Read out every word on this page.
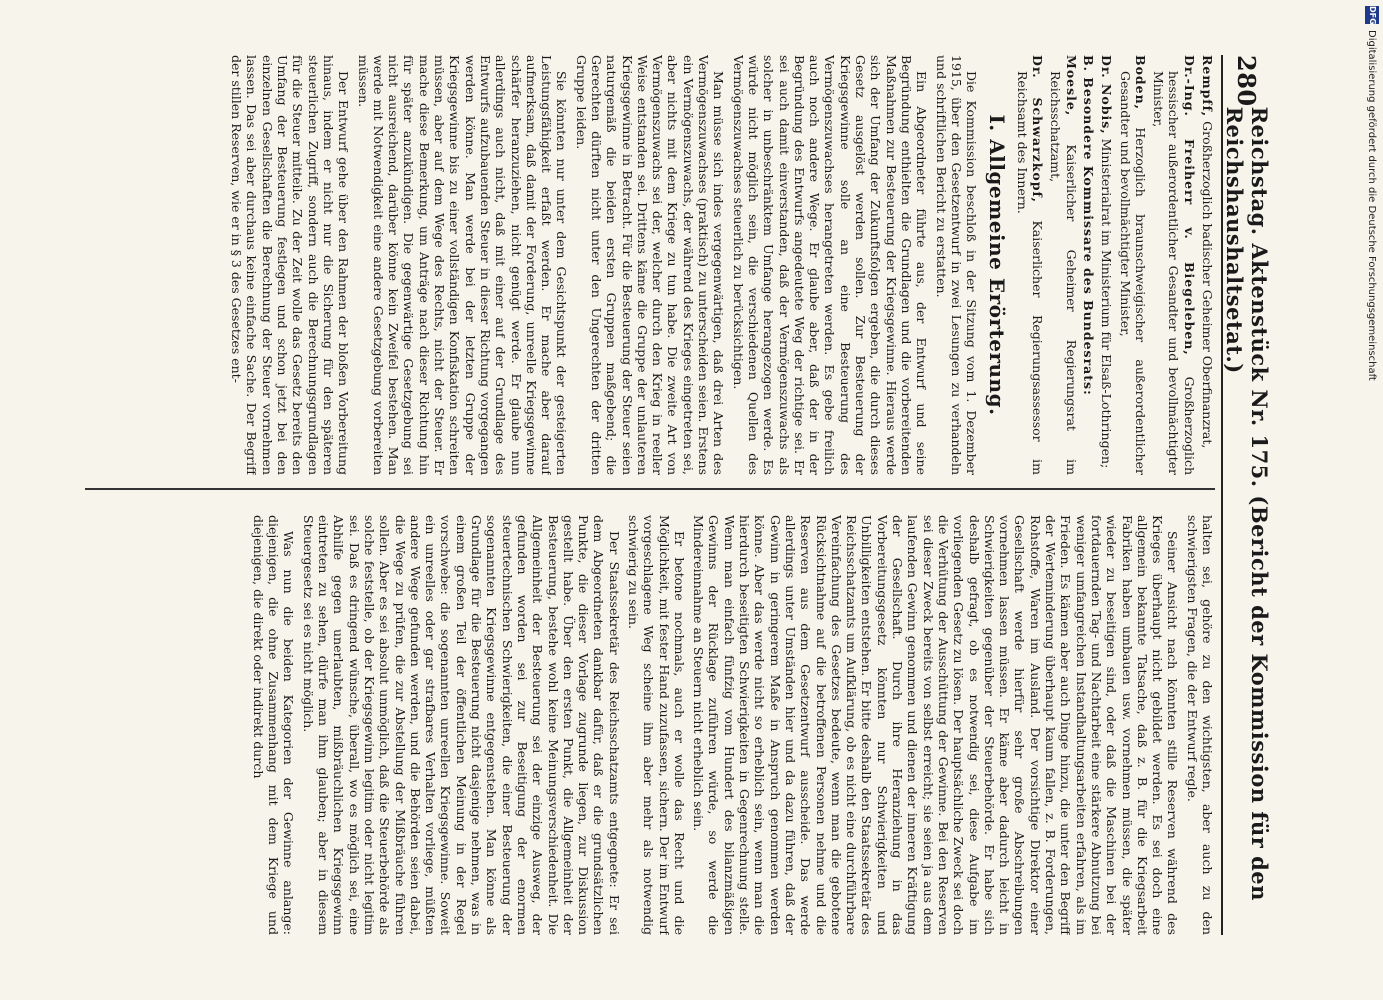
DFG
Digitalisierung gefördert durch die Deutsche Forschungsgemeinschaft
280
Reichstag. Aktenstück Nr. 175. (Bericht der Kommission für den Reichshaushaltsetat.)
Rempff, Großherzoglich badischer Geheimer Oberfinanzrat,
Dr.-Ing. Freiherr v. Biegeleben, Großherzoglich hessischer außerordentlicher Gesandter und bevollmächtigter Minister,
Boden, Herzoglich braunschweigischer außerordentlicher Gesandter und bevollmächtigter Minister,
Dr. Nobis, Ministerialrat im Ministerium für Elsaß-Lothringen;
B. Besondere Kommissare des Bundesrats:
Moesle, Kaiserlicher Geheimer Regierungsrat im Reichsschatzamt,
Dr. Schwarzkopf, Kaiserlicher Regierungsassessor im Reichsamt des Innern.
I. Allgemeine Erörterung.

Die Kommission beschloß in der Sitzung vom 1. Dezember 1915, über den Gesetzentwurf in zwei Lesungen zu verhandeln und schriftlichen Bericht zu erstatten.

Ein Abgeordneter führte aus, der Entwurf und seine Begründung enthielten die Grundlagen und die vorbereitenden Maßnahmen zur Besteuerung der Kriegsgewinne. Hieraus werde sich der Umfang der Zukunftsfolgen ergeben, die durch dieses Gesetz ausgelöst werden sollen. Zur Besteuerung der Kriegsgewinne solle an eine Besteuerung des Vermögenszuwachses herangetreten werden. Es gebe freilich auch noch andere Wege. Er glaube aber, daß der in der Begründung des Entwurfs angedeutete Weg der richtige sei. Er sei auch damit einverstanden, daß der Vermögenszuwachs als solcher in unbeschränktem Umfange herangezogen werde. Es würde nicht möglich sein, die verschiedenen Quellen des Vermögenszuwachses steuerlich zu berücksichtigen.

Man müsse sich indes vergegenwärtigen, daß drei Arten des Vermögenszuwachses (praktisch) zu unterscheiden seien. Erstens ein Vermögenszuwachs, der während des Krieges eingetreten sei, aber nichts mit dem Kriege zu tun habe. Die zweite Art von Vermögenszuwachs sei der, welcher durch den Krieg in reeller Weise entstanden sei. Drittens käme die Gruppe der unlauteren Kriegsgewinne in Betracht. Für die Besteuerung der Steuer seien naturgemäß die beiden ersten Gruppen maßgebend; die Gerechten dürften nicht unter den Ungerechten der dritten Gruppe leiden.

Sie könnten nur unter dem Gesichtspunkt der gesteigerten Leistungsfähigkeit erfaßt werden. Er mache aber darauf aufmerksam, daß damit der Forderung, unreelle Kriegsgewinne schärfer heranzuziehen, nicht genügt werde. Er glaube nun allerdings auch nicht, daß mit einer auf der Grundlage des Entwurfs aufzubauenden Steuer in dieser Richtung vorgegangen werden könne. Man werde bei der letzten Gruppe der Kriegsgewinne bis zu einer vollständigen Konfiskation schreiten müssen, aber auf dem Wege des Rechts, nicht der Steuer. Er mache diese Bemerkung, um Anträge nach dieser Richtung hin für später anzukündigen. Die gegenwärtige Gesetzgebung sei nicht ausreichend, darüber könne kein Zweifel bestehen. Man werde mit Notwendigkeit eine andere Gesetzgebung vorbereiten müssen.

Der Entwurf gehe über den Rahmen der bloßen Vorbereitung hinaus, indem er nicht nur die Sicherung für den späteren steuerlichen Zugriff, sondern auch die Berechnungsgrundlagen für die Steuer mitteile. Zu der Zeit wolle das Gesetz bereits den Umfang der Besteuerung festlegen und schon jetzt bei den einzelnen Gesellschaften die Berechnung der Steuer vornehmen lassen. Das sei aber durchaus keine einfache Sache. Der Begriff der stillen Reserven, wie er in § 3 des Gesetzes ent-

halten sei, gehöre zu den wichtigsten, aber auch zu den schwierigsten Fragen, die der Entwurf regle.

Seiner Ansicht nach könnten stille Reserven während des Krieges überhaupt nicht gebildet werden. Es sei doch eine allgemein bekannte Tatsache, daß z. B. für die Kriegsarbeit Fabriken haben umbauen usw. vornehmen müssen, die später wieder zu beseitigen sind, oder daß die Maschinen bei der fortdauernden Tag- und Nachtarbeit eine stärkere Abnutzung bei weniger umfangreichen Instandhaltungsarbeiten erfahren, als im Frieden. Es kämen aber auch Dinge hinzu, die unter den Begriff der Werteminderung überhaupt kaum fallen, z. B. Forderungen, Rohstoffe, Waren im Ausland. Der vorsichtige Direktor einer Gesellschaft werde hierfür sehr große Abschreibungen vornehmen lassen müssen. Er käme aber dadurch leicht in Schwierigkeiten gegenüber der Steuerbehörde. Er habe sich deshalb gefragt, ob es notwendig sei, diese Aufgabe im vorliegenden Gesetz zu lösen. Der hauptsächliche Zweck sei doch die Verhütung der Ausschüttung der Gewinne. Bei den Reserven sei dieser Zweck bereits von selbst erreicht; sie seien ja aus dem laufenden Gewinn genommen und dienen der inneren Kräftigung der Gesellschaft. Durch ihre Heranziehung in das Vorbereitungsgesetz könnten nur Schwierigkeiten und Unbilligkeiten entstehen. Er bitte deshalb den Staatssekretär des Reichsschatzamts um Aufklärung, ob es nicht eine durchführbare Vereinfachung des Gesetzes bedeute, wenn man die gebotene Rücksichtnahme auf die betroffenen Personen nehme und die Reserven aus dem Gesetzentwurf ausscheide. Das werde allerdings unter Umständen hier und da dazu führen, daß der Gewinn in geringerem Maße in Anspruch genommen werden könne. Aber das werde nicht so erheblich sein, wenn man die hierdurch beseitigten Schwierigkeiten in Gegenrechnung stelle. Wenn man einfach fünfzig vom Hundert des bilanzmäßigen Gewinns der Rücklage zuführen würde, so werde die Mindereinnahme an Steuern nicht erheblich sein.

Er betone nochmals, auch er wolle das Recht und die Möglichkeit, mit fester Hand zuzufassen, sichern. Der im Entwurf vorgeschlagene Weg scheine ihm aber mehr als notwendig schwierig zu sein.

Der Staatssekretär des Reichsschatzamts entgegnete: Er sei dem Abgeordneten dankbar dafür, daß er die grundsätzlichen Punkte, die dieser Vorlage zugrunde liegen, zur Diskussion gestellt habe. Über den ersten Punkt, die Allgemeinheit der Besteuerung, bestehe wohl keine Meinungsverschiedenheit. Die Allgemeinheit der Besteuerung sei der einzige Ausweg, der gefunden worden sei zur Beseitigung der enormen steuertechnischen Schwierigkeiten, die einer Besteuerung der sogenannten Kriegsgewinne entgegenstehen. Man könne als Grundlage für die Besteuerung nicht dasjenige nehmen, was in einem großen Teil der öffentlichen Meinung in der Regel vorschwebe: die sogenannten unreellen Kriegsgewinne. Soweit ein unreelles oder gar strafbares Verhalten vorliege, müßten andere Wege gefunden werden, und die Behörden seien dabei, die Wege zu prüfen, die zur Abstellung der Mißbräuche führen sollen. Aber es sei absolut unmöglich, daß die Steuerbehörde als solche feststelle, ob der Kriegsgewinn legitim oder nicht legitim sei. Daß es dringend wünsche, überall, wo es möglich sei, eine Abhilfe gegen unerlaubten, mißbräuchlichen Kriegsgewinn eintreten zu sehen, dürfe man ihm glauben; aber in diesem Steuergesetz sei es nicht möglich.

Was nun die beiden Kategorien der Gewinne anlange: diejenigen, die ohne Zusammenhang mit dem Kriege und diejenigen, die direkt oder indirekt durch
